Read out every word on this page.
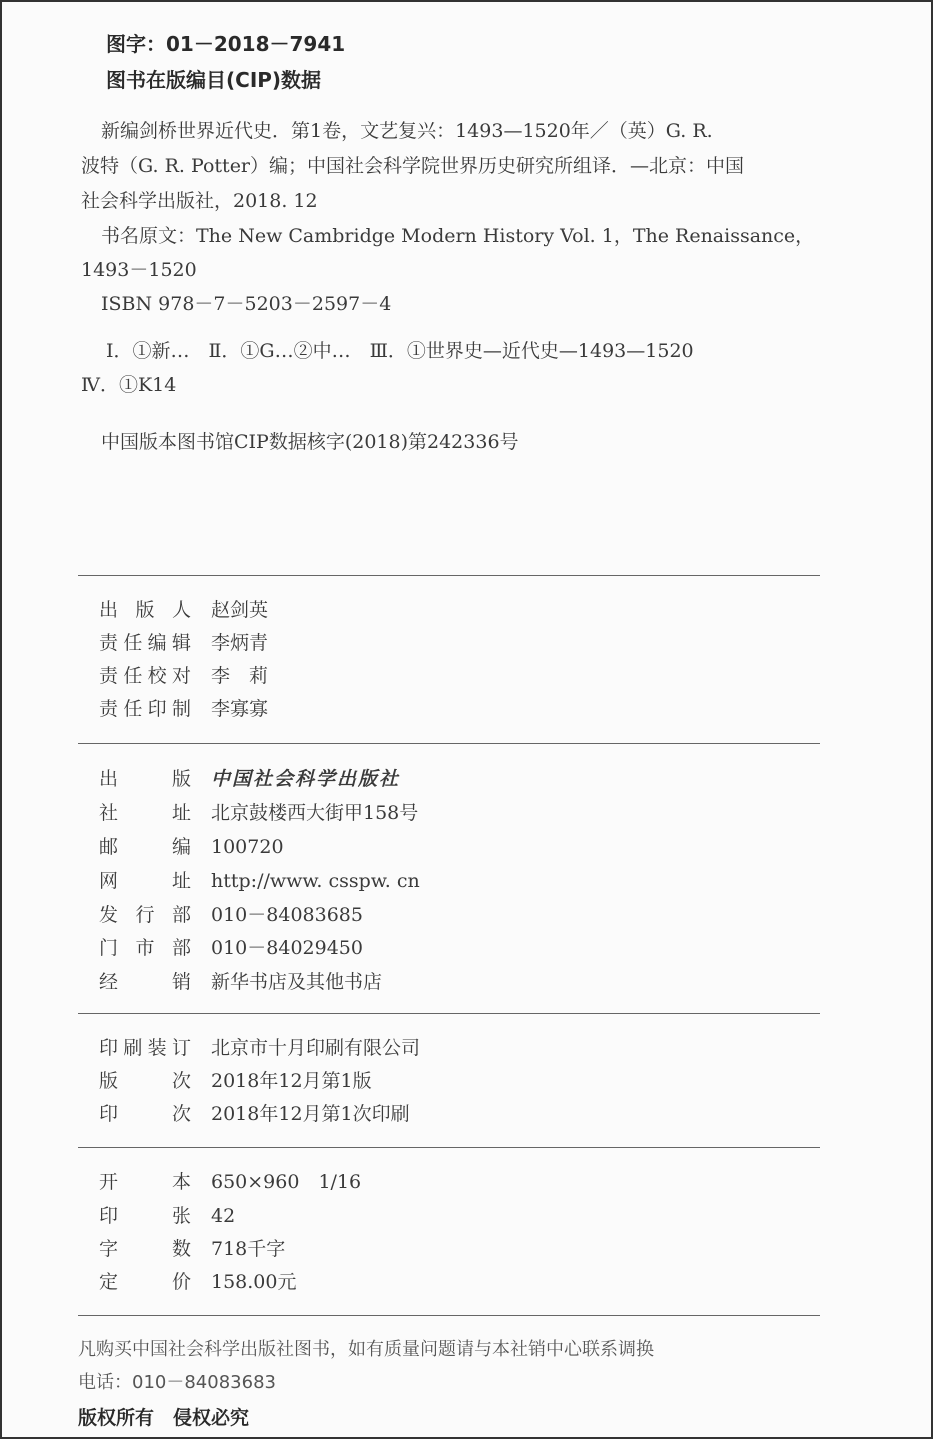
图字：01－2018－7941
图书在版编目(CIP)数据
新编剑桥世界近代史．第1卷，文艺复兴：1493—1520年／（英）G. R.
波特（G. R. Potter）编；中国社会科学院世界历史研究所组译．—北京：中国
社会科学出版社，2018. 12
书名原文：The New Cambridge Modern History Vol. 1，The Renaissance，
1493－1520
ISBN 978－7－5203－2597－4
Ⅰ．①新…　Ⅱ．①G…②中…　Ⅲ．①世界史—近代史—1493—1520
Ⅳ．①K14
中国版本图书馆CIP数据核字(2018)第242336号
出版人 赵剑英
责任编辑 李炳青
责任校对 李　莉
责任印制 李寡寡
出版 中国社会科学出版社
社址 北京鼓楼西大街甲158号
邮编 100720
网址 http://www. csspw. cn
发行部 010－84083685
门市部 010－84029450
经销 新华书店及其他书店
印刷装订 北京市十月印刷有限公司
版次 2018年12月第1版
印次 2018年12月第1次印刷
开本 650×960　1/16
印张 42
字数 718千字
定价 158.00元
凡购买中国社会科学出版社图书，如有质量问题请与本社销中心联系调换
电话：010－84083683
版权所有　侵权必究
